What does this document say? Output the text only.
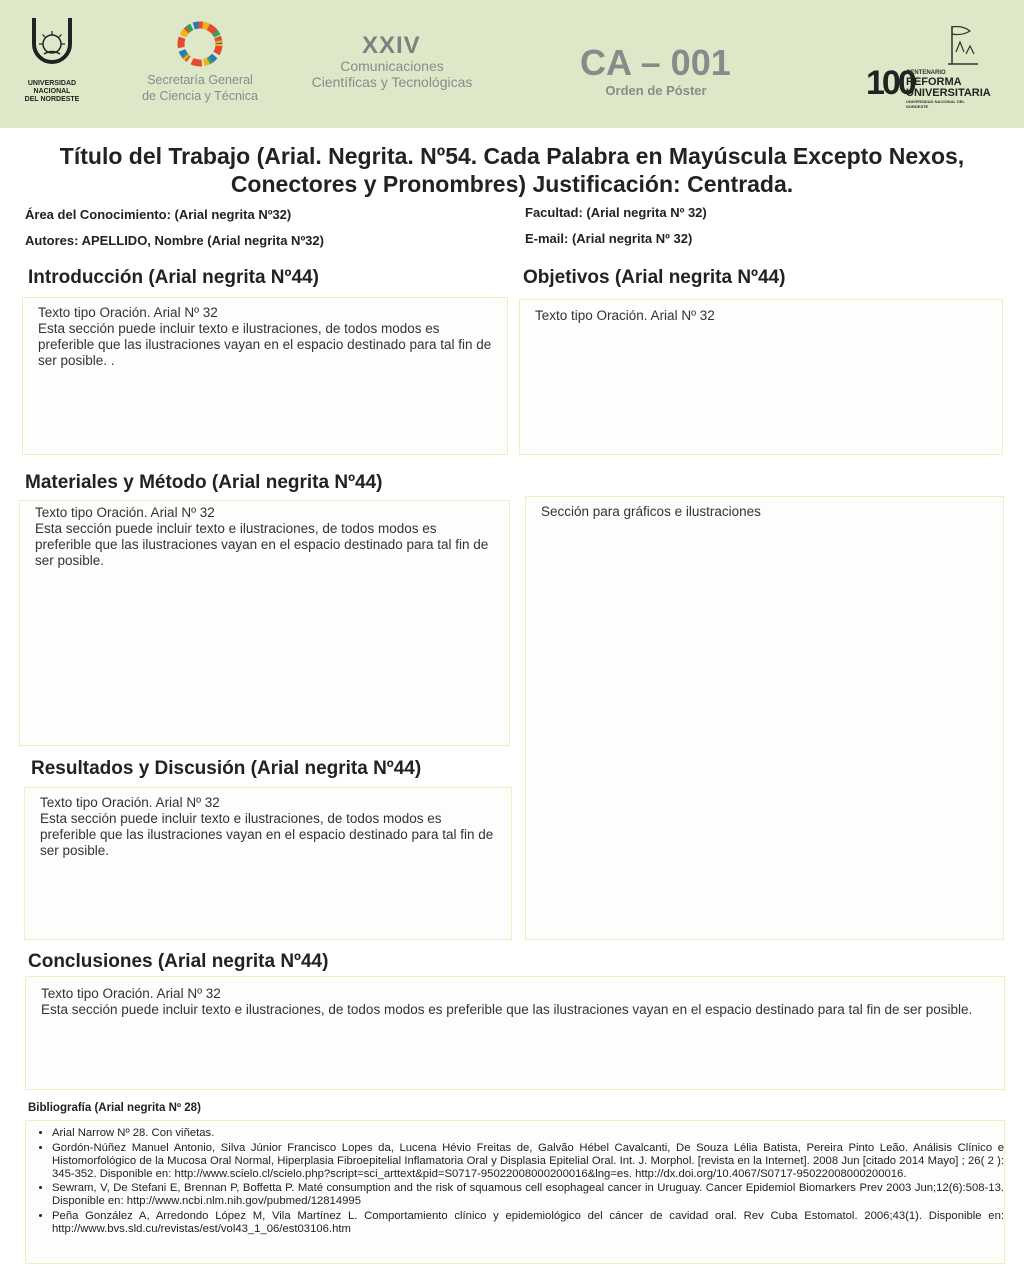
UNIVERSIDAD
NACIONAL
DEL NORDESTE
Secretaría General
de Ciencia y Técnica
XXIV
Comunicaciones
Científicas y Tecnológicas	CA – 001
Orden de Póster	100
CENTENARIO
REFORMA
UNIVERSITARIA
UNIVERSIDAD NACIONAL DEL NORDESTE
Título del Trabajo (Arial. Negrita. Nº54. Cada Palabra en Mayúscula Excepto Nexos, Conectores y Pronombres) Justificación: Centrada.
Área del Conocimiento: (Arial negrita Nº32)
Autores: APELLIDO, Nombre (Arial negrita Nº32)
Facultad: (Arial negrita Nº 32)
E-mail: (Arial negrita Nº 32)
Introducción (Arial negrita Nº44)
Texto tipo Oración. Arial Nº 32
Esta sección puede incluir texto e ilustraciones, de todos modos es preferible que las ilustraciones vayan en el espacio destinado para tal fin de ser posible. .
Objetivos (Arial negrita Nº44)
Texto tipo Oración. Arial Nº 32
Materiales y Método (Arial negrita Nº44)
Texto tipo Oración. Arial Nº 32
Esta sección puede incluir texto e ilustraciones, de todos modos es preferible que las ilustraciones vayan en el espacio destinado para tal fin de ser posible.
Sección para gráficos e ilustraciones
Resultados y Discusión (Arial negrita Nº44)
Texto tipo Oración. Arial Nº 32
Esta sección puede incluir texto e ilustraciones, de todos modos es preferible que las ilustraciones vayan en el espacio destinado para tal fin de ser posible.
Conclusiones (Arial negrita Nº44)
Texto tipo Oración. Arial Nº 32
Esta sección puede incluir texto e ilustraciones, de todos modos es preferible que las ilustraciones vayan en el espacio destinado para tal fin de ser posible.
Bibliografía (Arial negrita Nº 28)
• Arial Narrow Nº 28. Con viñetas.
• Gordón-Núñez Manuel Antonio, Silva Júnior Francisco Lopes da, Lucena Hévio Freitas de, Galvão Hébel Cavalcanti, De Souza Lélia Batista, Pereira Pinto Leão. Análisis Clínico e Histomorfológico de la Mucosa Oral Normal, Hiperplasia Fibroepitelial Inflamatoria Oral y Displasia Epitelial Oral. Int. J. Morphol. [revista en la Internet]. 2008 Jun [citado 2014 Mayo] ; 26( 2 ): 345-352. Disponible en: http://www.scielo.cl/scielo.php?script=sci_arttext&pid=S0717-95022008000200016&lng=es. http://dx.doi.org/10.4067/S0717-95022008000200016.
• Sewram, V, De Stefani E, Brennan P, Boffetta P. Maté consumption and the risk of squamous cell esophageal cancer in Uruguay. Cancer Epidemiol Biomarkers Prev 2003 Jun;12(6):508-13. Disponible en: http://www.ncbi.nlm.nih.gov/pubmed/12814995
• Peña González A, Arredondo López M, Vila Martínez L. Comportamiento clínico y epidemiológico del cáncer de cavidad oral. Rev Cuba Estomatol. 2006;43(1). Disponible en: http://www.bvs.sld.cu/revistas/est/vol43_1_06/est03106.htm
